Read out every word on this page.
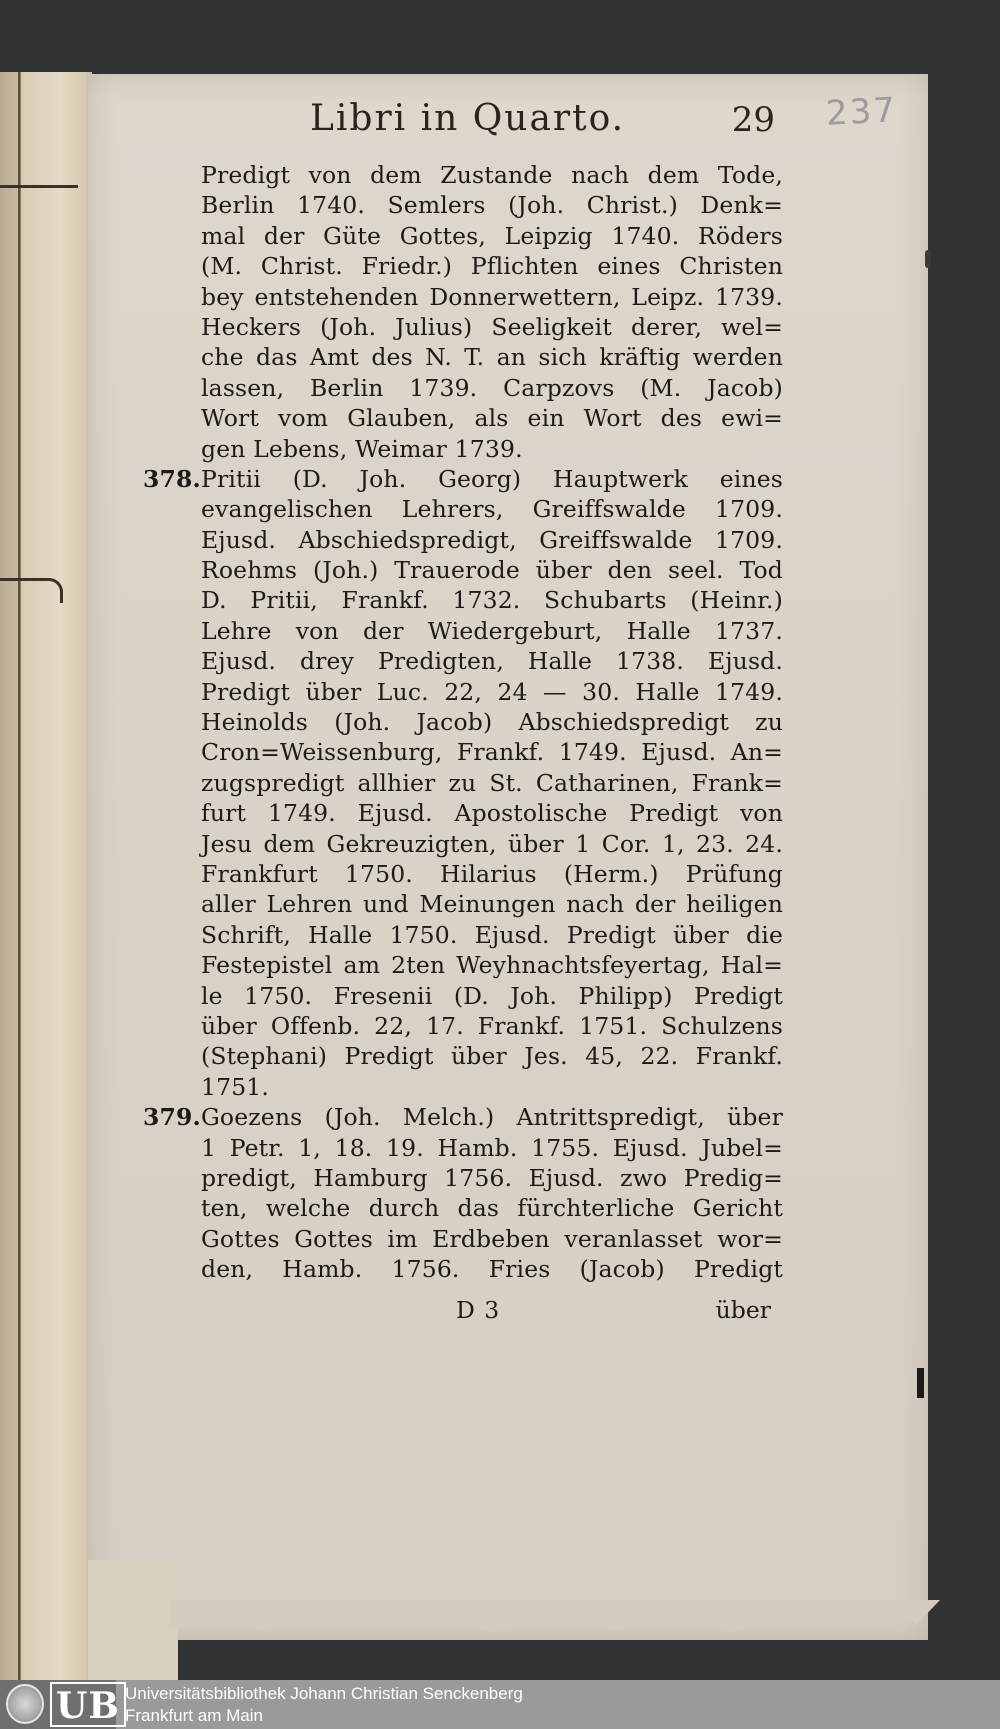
237
Libri in Quarto.	29
Predigt von dem Zustande nach dem Tode,
Berlin 1740. Semlers (Joh. Christ.) Denk=
mal der Güte Gottes, Leipzig 1740. Röders
(M. Christ. Friedr.) Pflichten eines Christen
bey entstehenden Donnerwettern, Leipz. 1739.
Heckers (Joh. Julius) Seeligkeit derer, wel=
che das Amt des N. T. an sich kräftig werden
lassen, Berlin 1739. Carpzovs (M. Jacob)
Wort vom Glauben, als ein Wort des ewi=
gen Lebens, Weimar 1739.
378. Pritii (D. Joh. Georg) Hauptwerk eines
evangelischen Lehrers, Greiffswalde 1709.
Ejusd. Abschiedspredigt, Greiffswalde 1709.
Roehms (Joh.) Trauerode über den seel. Tod
D. Pritii, Frankf. 1732. Schubarts (Heinr.)
Lehre von der Wiedergeburt, Halle 1737.
Ejusd. drey Predigten, Halle 1738. Ejusd.
Predigt über Luc. 22, 24 — 30. Halle 1749.
Heinolds (Joh. Jacob) Abschiedspredigt zu
Cron=Weissenburg, Frankf. 1749. Ejusd. An=
zugspredigt allhier zu St. Catharinen, Frank=
furt 1749. Ejusd. Apostolische Predigt von
Jesu dem Gekreuzigten, über 1 Cor. 1, 23. 24.
Frankfurt 1750. Hilarius (Herm.) Prüfung
aller Lehren und Meinungen nach der heiligen
Schrift, Halle 1750. Ejusd. Predigt über die
Festepistel am 2ten Weyhnachtsfeyertag, Hal=
le 1750. Fresenii (D. Joh. Philipp) Predigt
über Offenb. 22, 17. Frankf. 1751. Schulzens
(Stephani) Predigt über Jes. 45, 22. Frankf.
1751.
379. Goezens (Joh. Melch.) Antrittspredigt, über
1 Petr. 1, 18. 19. Hamb. 1755. Ejusd. Jubel=
predigt, Hamburg 1756. Ejusd. zwo Predig=
ten, welche durch das fürchterliche Gericht
Gottes Gottes im Erdbeben veranlasset wor=
den, Hamb. 1756. Fries (Jacob) Predigt
D 3	über
UB Universitätsbibliothek Johann Christian Senckenberg
Frankfurt am Main
